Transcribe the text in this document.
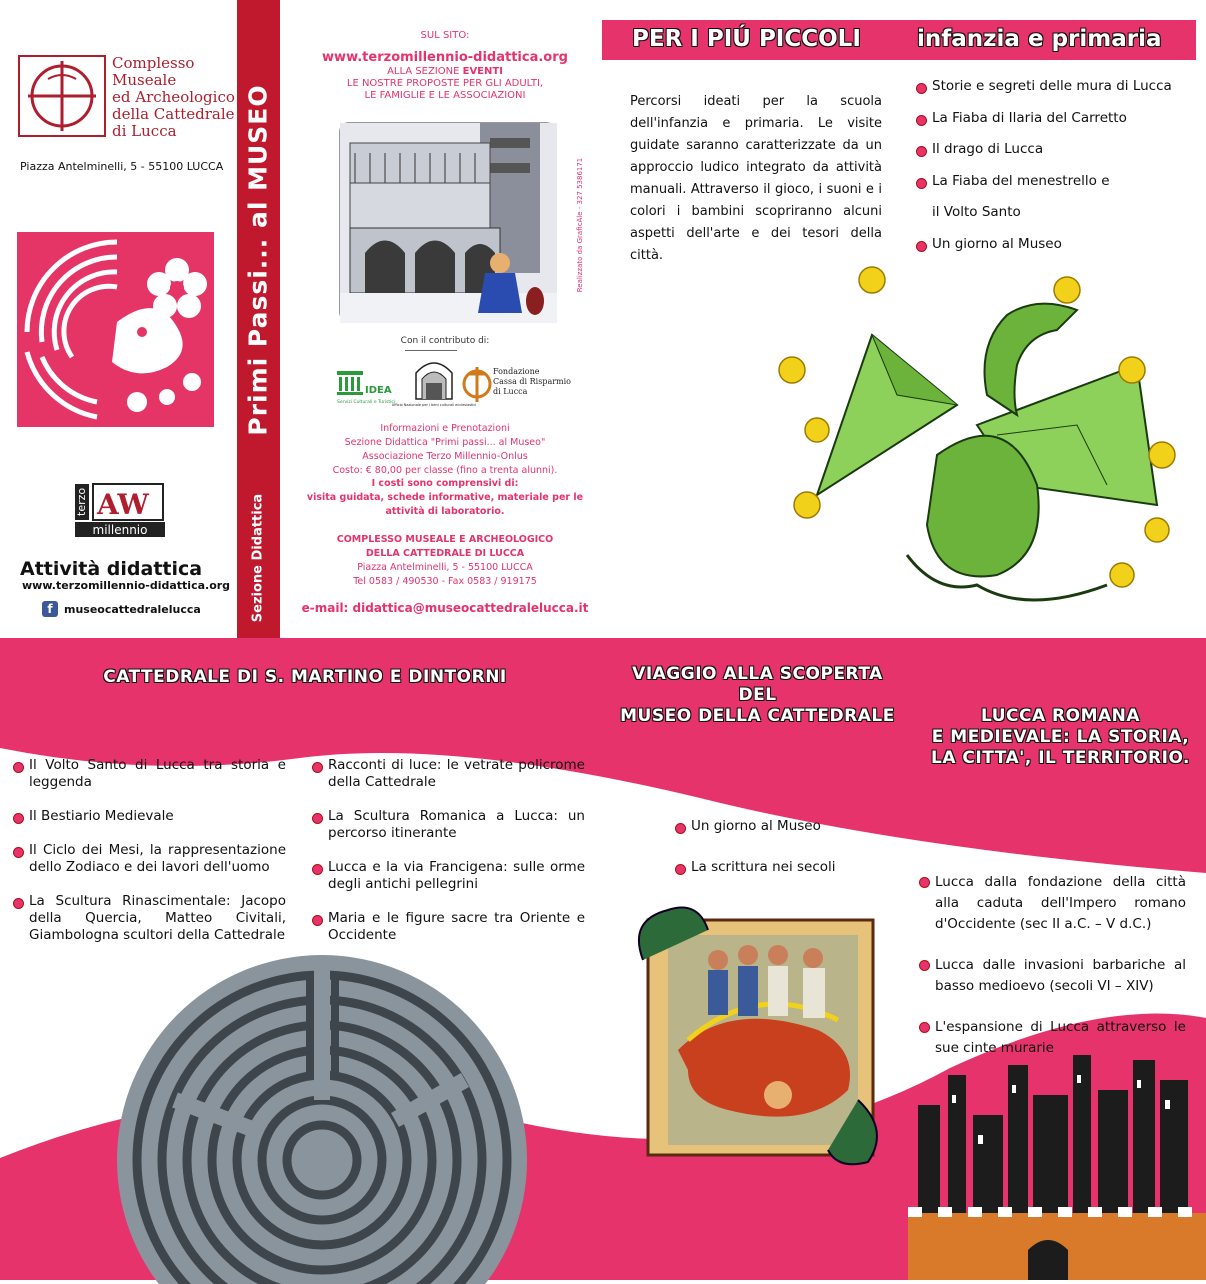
Complesso
Museale
ed Archeologico
della Cattedrale
di Lucca
Piazza Antelminelli, 5 - 55100 LUCCA
terzo AW
millennio
Attività didattica
www.terzomillennio-didattica.org
f	museocattedralelucca
Primi Passi... al MUSEO
Sezione Didattica
SUL SITO:
www.terzomillennio-didattica.org
ALLA SEZIONE EVENTI
LE NOSTRE PROPOSTE PER GLI ADULTI,
LE FAMIGLIE E LE ASSOCIAZIONI
Realizzato da GraficAle - 327 5386171
Con il contributo di:
IDEA
Servizi Culturali e Turistici
Ufficio Nazionale per i beni culturali ecclesiastici
Fondazione
Cassa di Risparmio
di Lucca
Informazioni e Prenotazioni
Sezione Didattica "Primi passi... al Museo"
Associazione Terzo Millennio-Onlus
Costo: € 80,00 per classe (fino a trenta alunni).
I costi sono comprensivi di:
visita guidata, schede informative, materiale per le
attività di laboratorio.
COMPLESSO MUSEALE E ARCHEOLOGICO
DELLA CATTEDRALE DI LUCCA
Piazza Antelminelli, 5 - 55100 LUCCA
Tel 0583 / 490530 - Fax 0583 / 919175
e-mail: didattica@museocattedralelucca.it
PER I PIÚ PICCOLI infanzia e primaria
Percorsi ideati per la scuola dell'infanzia e primaria. Le visite guidate saranno caratterizzate da un approccio ludico integrato da attività manuali. Attraverso il gioco, i suoni e i colori i bambini scopriranno alcuni aspetti dell'arte e dei tesori della città.
Storie e segreti delle mura di Lucca
La Fiaba di Ilaria del Carretto
Il drago di Lucca
La Fiaba del menestrello e
il Volto Santo
Un giorno al Museo
CATTEDRALE DI S. MARTINO E DINTORNI
Il Volto Santo di Lucca tra storia e leggenda
Il Bestiario Medievale
Il Ciclo dei Mesi, la rappresentazione dello Zodiaco e dei lavori dell'uomo
La Scultura Rinascimentale: Jacopo della Quercia, Matteo Civitali, Giambologna scultori della Cattedrale
Racconti di luce: le vetrate policrome della Cattedrale
La Scultura Romanica a Lucca: un percorso itinerante
Lucca e la via Francigena: sulle orme degli antichi pellegrini
Maria e le figure sacre tra Oriente e Occidente
VIAGGIO ALLA SCOPERTA
DEL
MUSEO DELLA CATTEDRALE
Un giorno al Museo
La scrittura nei secoli
LUCCA ROMANA
E MEDIEVALE: LA STORIA,
LA CITTA', IL TERRITORIO.
Lucca dalla fondazione della città alla caduta dell'Impero romano d'Occidente (sec II a.C. – V d.C.)
Lucca dalle invasioni barbariche al basso medioevo (secoli VI – XIV)
L'espansione di Lucca attraverso le sue cinte murarie
